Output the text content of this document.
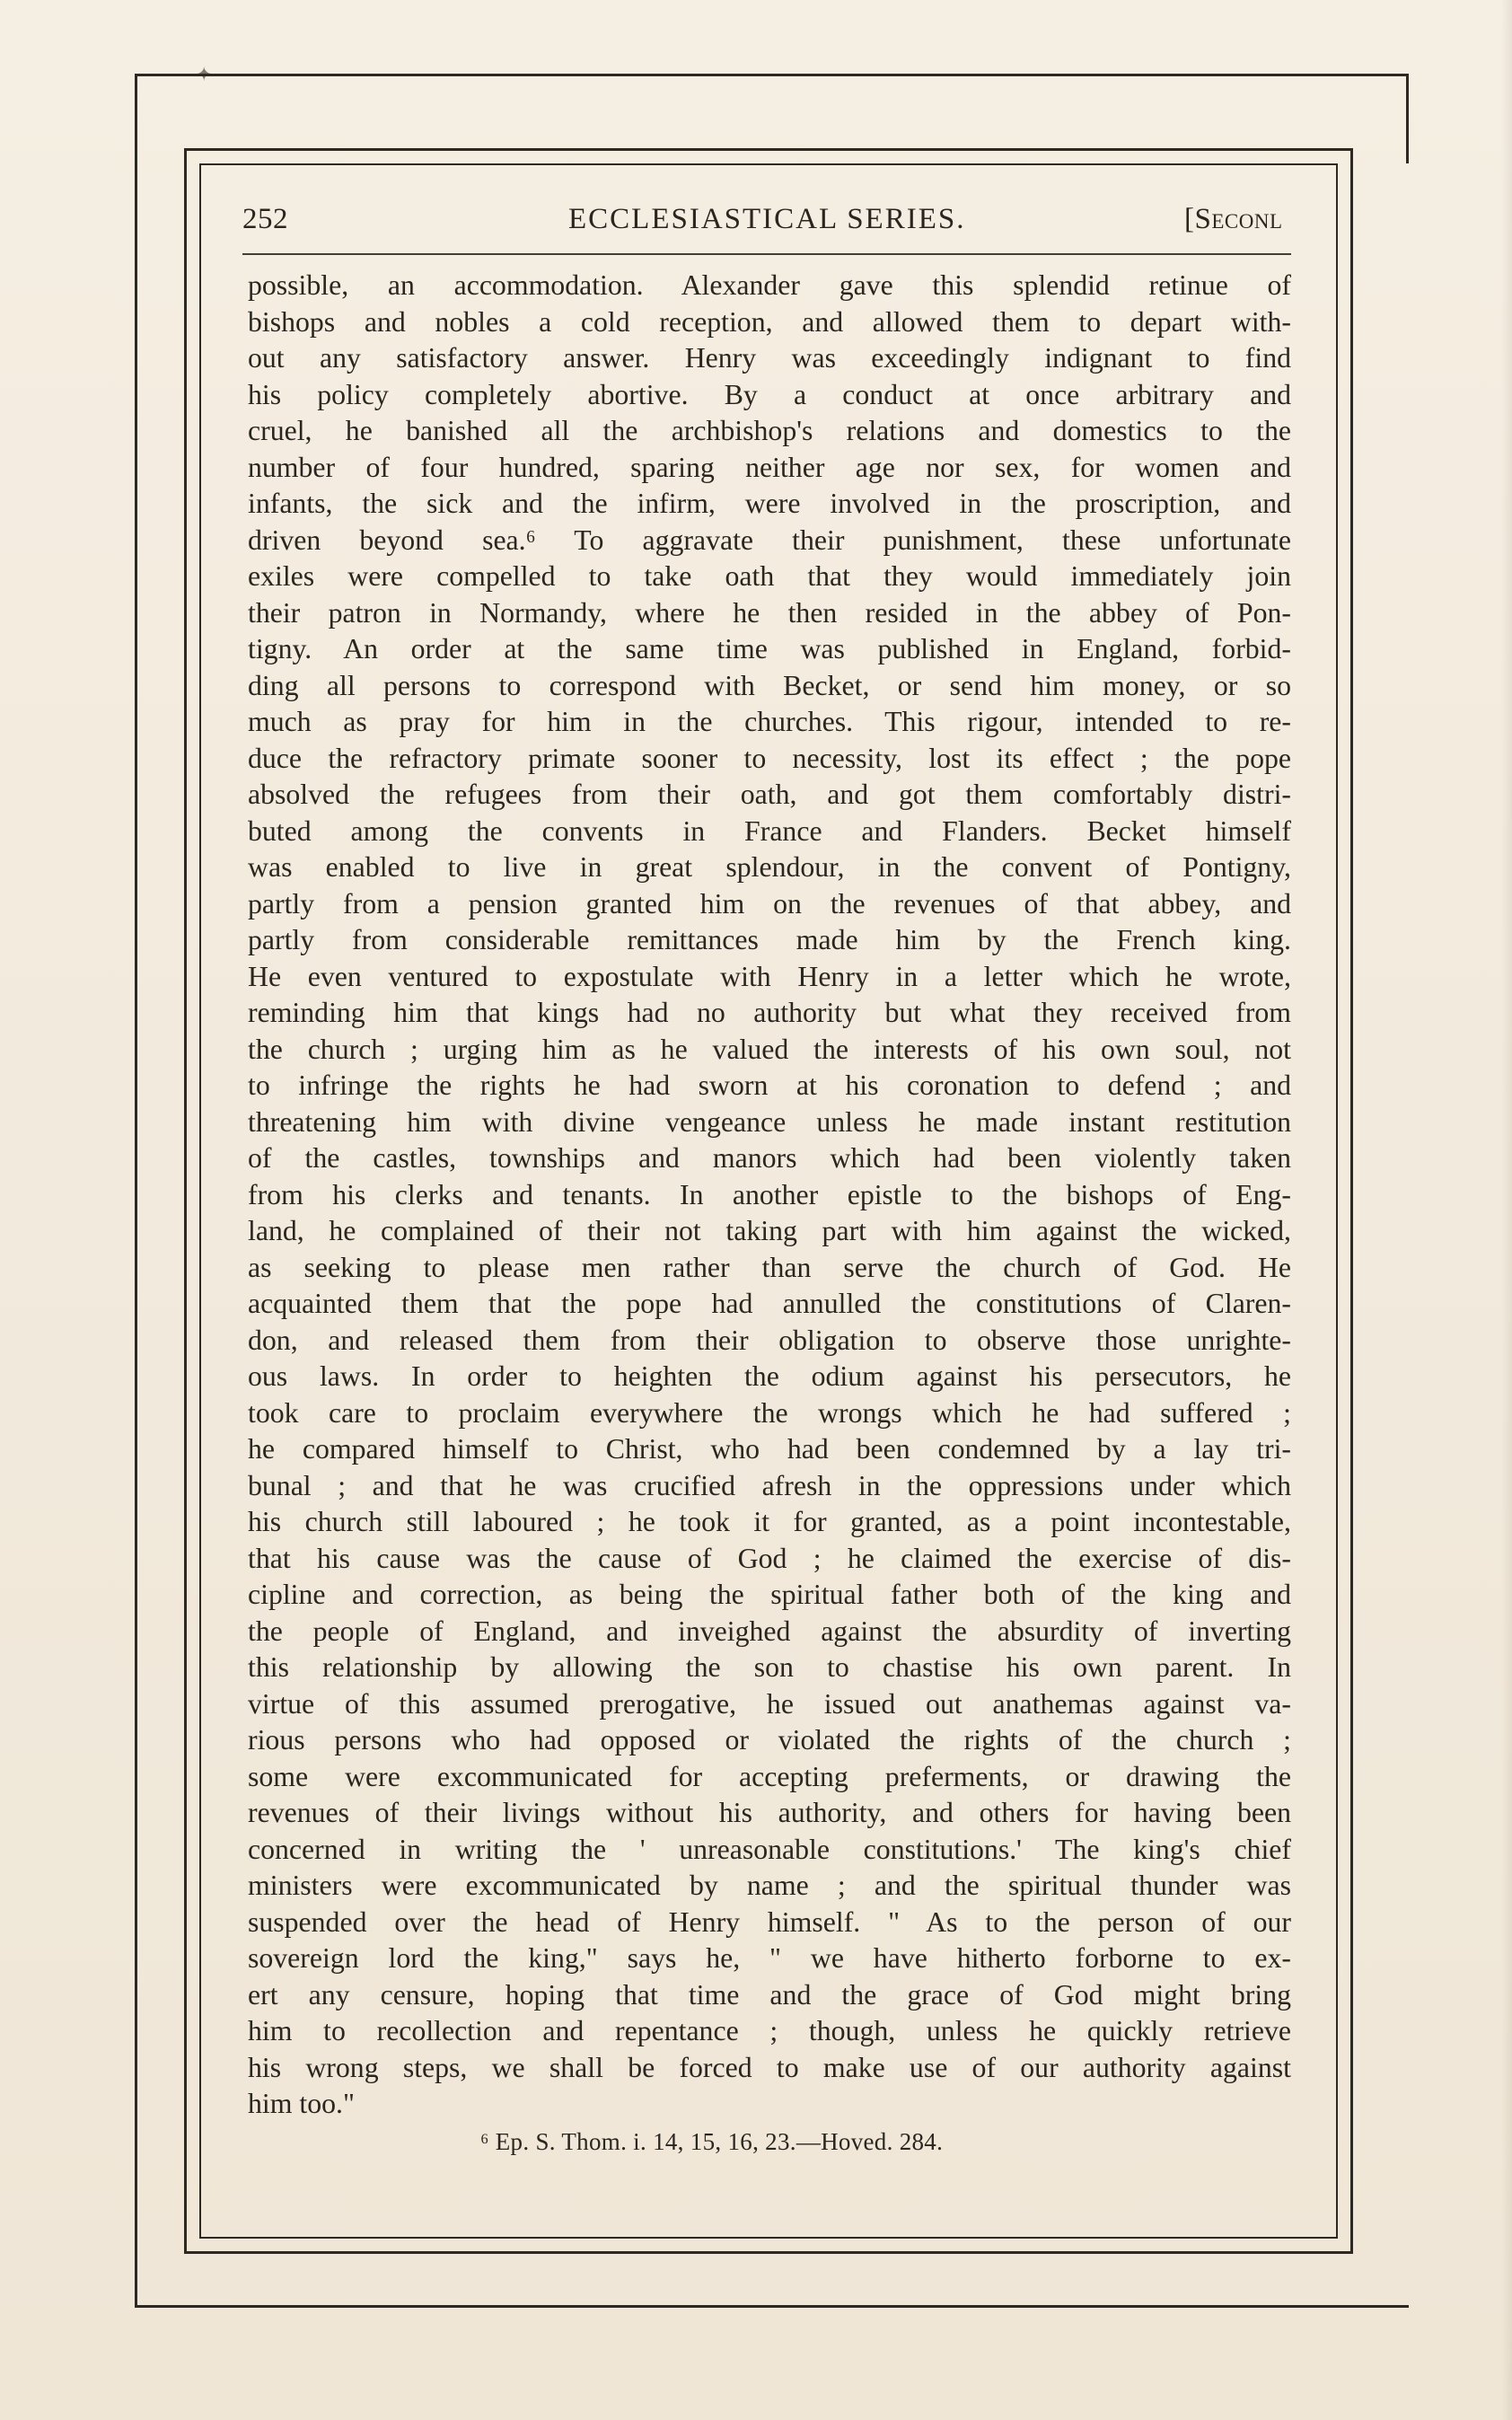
✦
252	ECCLESIASTICAL SERIES.	[Seconl
possible, an accommodation. Alexander gave this splendid retinue of
bishops and nobles a cold reception, and allowed them to depart with-
out any satisfactory answer. Henry was exceedingly indignant to find
his policy completely abortive. By a conduct at once arbitrary and
cruel, he banished all the archbishop's relations and domestics to the
number of four hundred, sparing neither age nor sex, for women and
infants, the sick and the infirm, were involved in the proscription, and
driven beyond sea.⁶ To aggravate their punishment, these unfortunate
exiles were compelled to take oath that they would immediately join
their patron in Normandy, where he then resided in the abbey of Pon-
tigny. An order at the same time was published in England, forbid-
ding all persons to correspond with Becket, or send him money, or so
much as pray for him in the churches. This rigour, intended to re-
duce the refractory primate sooner to necessity, lost its effect ; the pope
absolved the refugees from their oath, and got them comfortably distri-
buted among the convents in France and Flanders. Becket himself
was enabled to live in great splendour, in the convent of Pontigny,
partly from a pension granted him on the revenues of that abbey, and
partly from considerable remittances made him by the French king.
He even ventured to expostulate with Henry in a letter which he wrote,
reminding him that kings had no authority but what they received from
the church ; urging him as he valued the interests of his own soul, not
to infringe the rights he had sworn at his coronation to defend ; and
threatening him with divine vengeance unless he made instant restitution
of the castles, townships and manors which had been violently taken
from his clerks and tenants. In another epistle to the bishops of Eng-
land, he complained of their not taking part with him against the wicked,
as seeking to please men rather than serve the church of God. He
acquainted them that the pope had annulled the constitutions of Claren-
don, and released them from their obligation to observe those unrighte-
ous laws. In order to heighten the odium against his persecutors, he
took care to proclaim everywhere the wrongs which he had suffered ;
he compared himself to Christ, who had been condemned by a lay tri-
bunal ; and that he was crucified afresh in the oppressions under which
his church still laboured ; he took it for granted, as a point incontestable,
that his cause was the cause of God ; he claimed the exercise of dis-
cipline and correction, as being the spiritual father both of the king and
the people of England, and inveighed against the absurdity of inverting
this relationship by allowing the son to chastise his own parent. In
virtue of this assumed prerogative, he issued out anathemas against va-
rious persons who had opposed or violated the rights of the church ;
some were excommunicated for accepting preferments, or drawing the
revenues of their livings without his authority, and others for having been
concerned in writing the ' unreasonable constitutions.' The king's chief
ministers were excommunicated by name ; and the spiritual thunder was
suspended over the head of Henry himself. " As to the person of our
sovereign lord the king," says he, " we have hitherto forborne to ex-
ert any censure, hoping that time and the grace of God might bring
him to recollection and repentance ; though, unless he quickly retrieve
his wrong steps, we shall be forced to make use of our authority against
him too."
⁶ Ep. S. Thom. i. 14, 15, 16, 23.—Hoved. 284.
